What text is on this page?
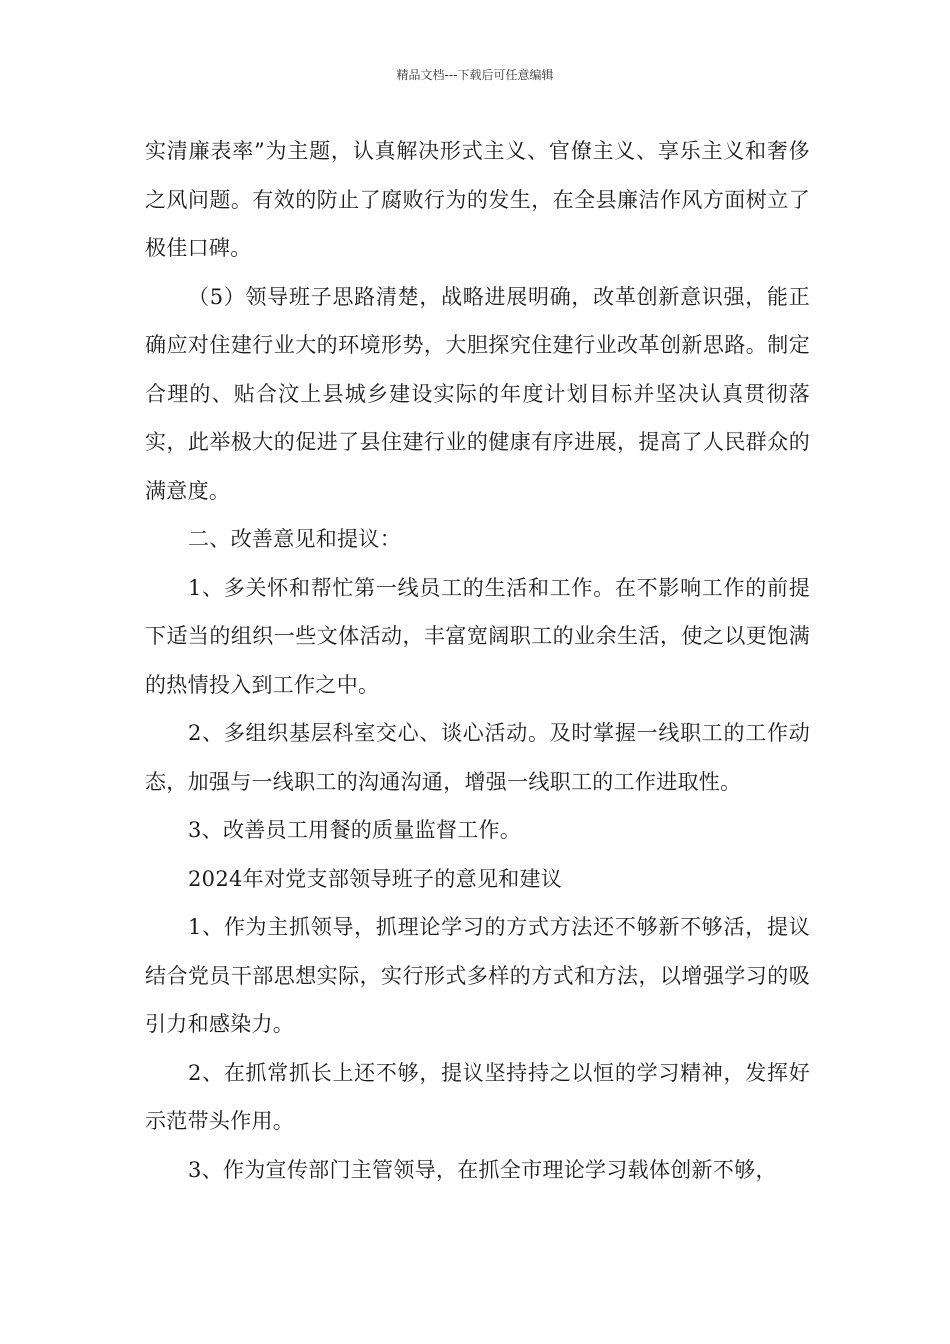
精品文档---下载后可任意编辑

实清廉表率”为主题，认真解决形式主义、官僚主义、享乐主义和奢侈之风问题。有效的防止了腐败行为的发生，在全县廉洁作风方面树立了极佳口碑。

（5）领导班子思路清楚，战略进展明确，改革创新意识强，能正确应对住建行业大的环境形势，大胆探究住建行业改革创新思路。制定合理的、贴合汶上县城乡建设实际的年度计划目标并坚决认真贯彻落实，此举极大的促进了县住建行业的健康有序进展，提高了人民群众的满意度。

二、改善意见和提议：

1、多关怀和帮忙第一线员工的生活和工作。在不影响工作的前提下适当的组织一些文体活动，丰富宽阔职工的业余生活，使之以更饱满的热情投入到工作之中。

2、多组织基层科室交心、谈心活动。及时掌握一线职工的工作动态，加强与一线职工的沟通沟通，增强一线职工的工作进取性。

3、改善员工用餐的质量监督工作。

2024年对党支部领导班子的意见和建议

1、作为主抓领导，抓理论学习的方式方法还不够新不够活，提议结合党员干部思想实际，实行形式多样的方式和方法，以增强学习的吸引力和感染力。

2、在抓常抓长上还不够，提议坚持持之以恒的学习精神，发挥好示范带头作用。

3、作为宣传部门主管领导，在抓全市理论学习载体创新不够，
